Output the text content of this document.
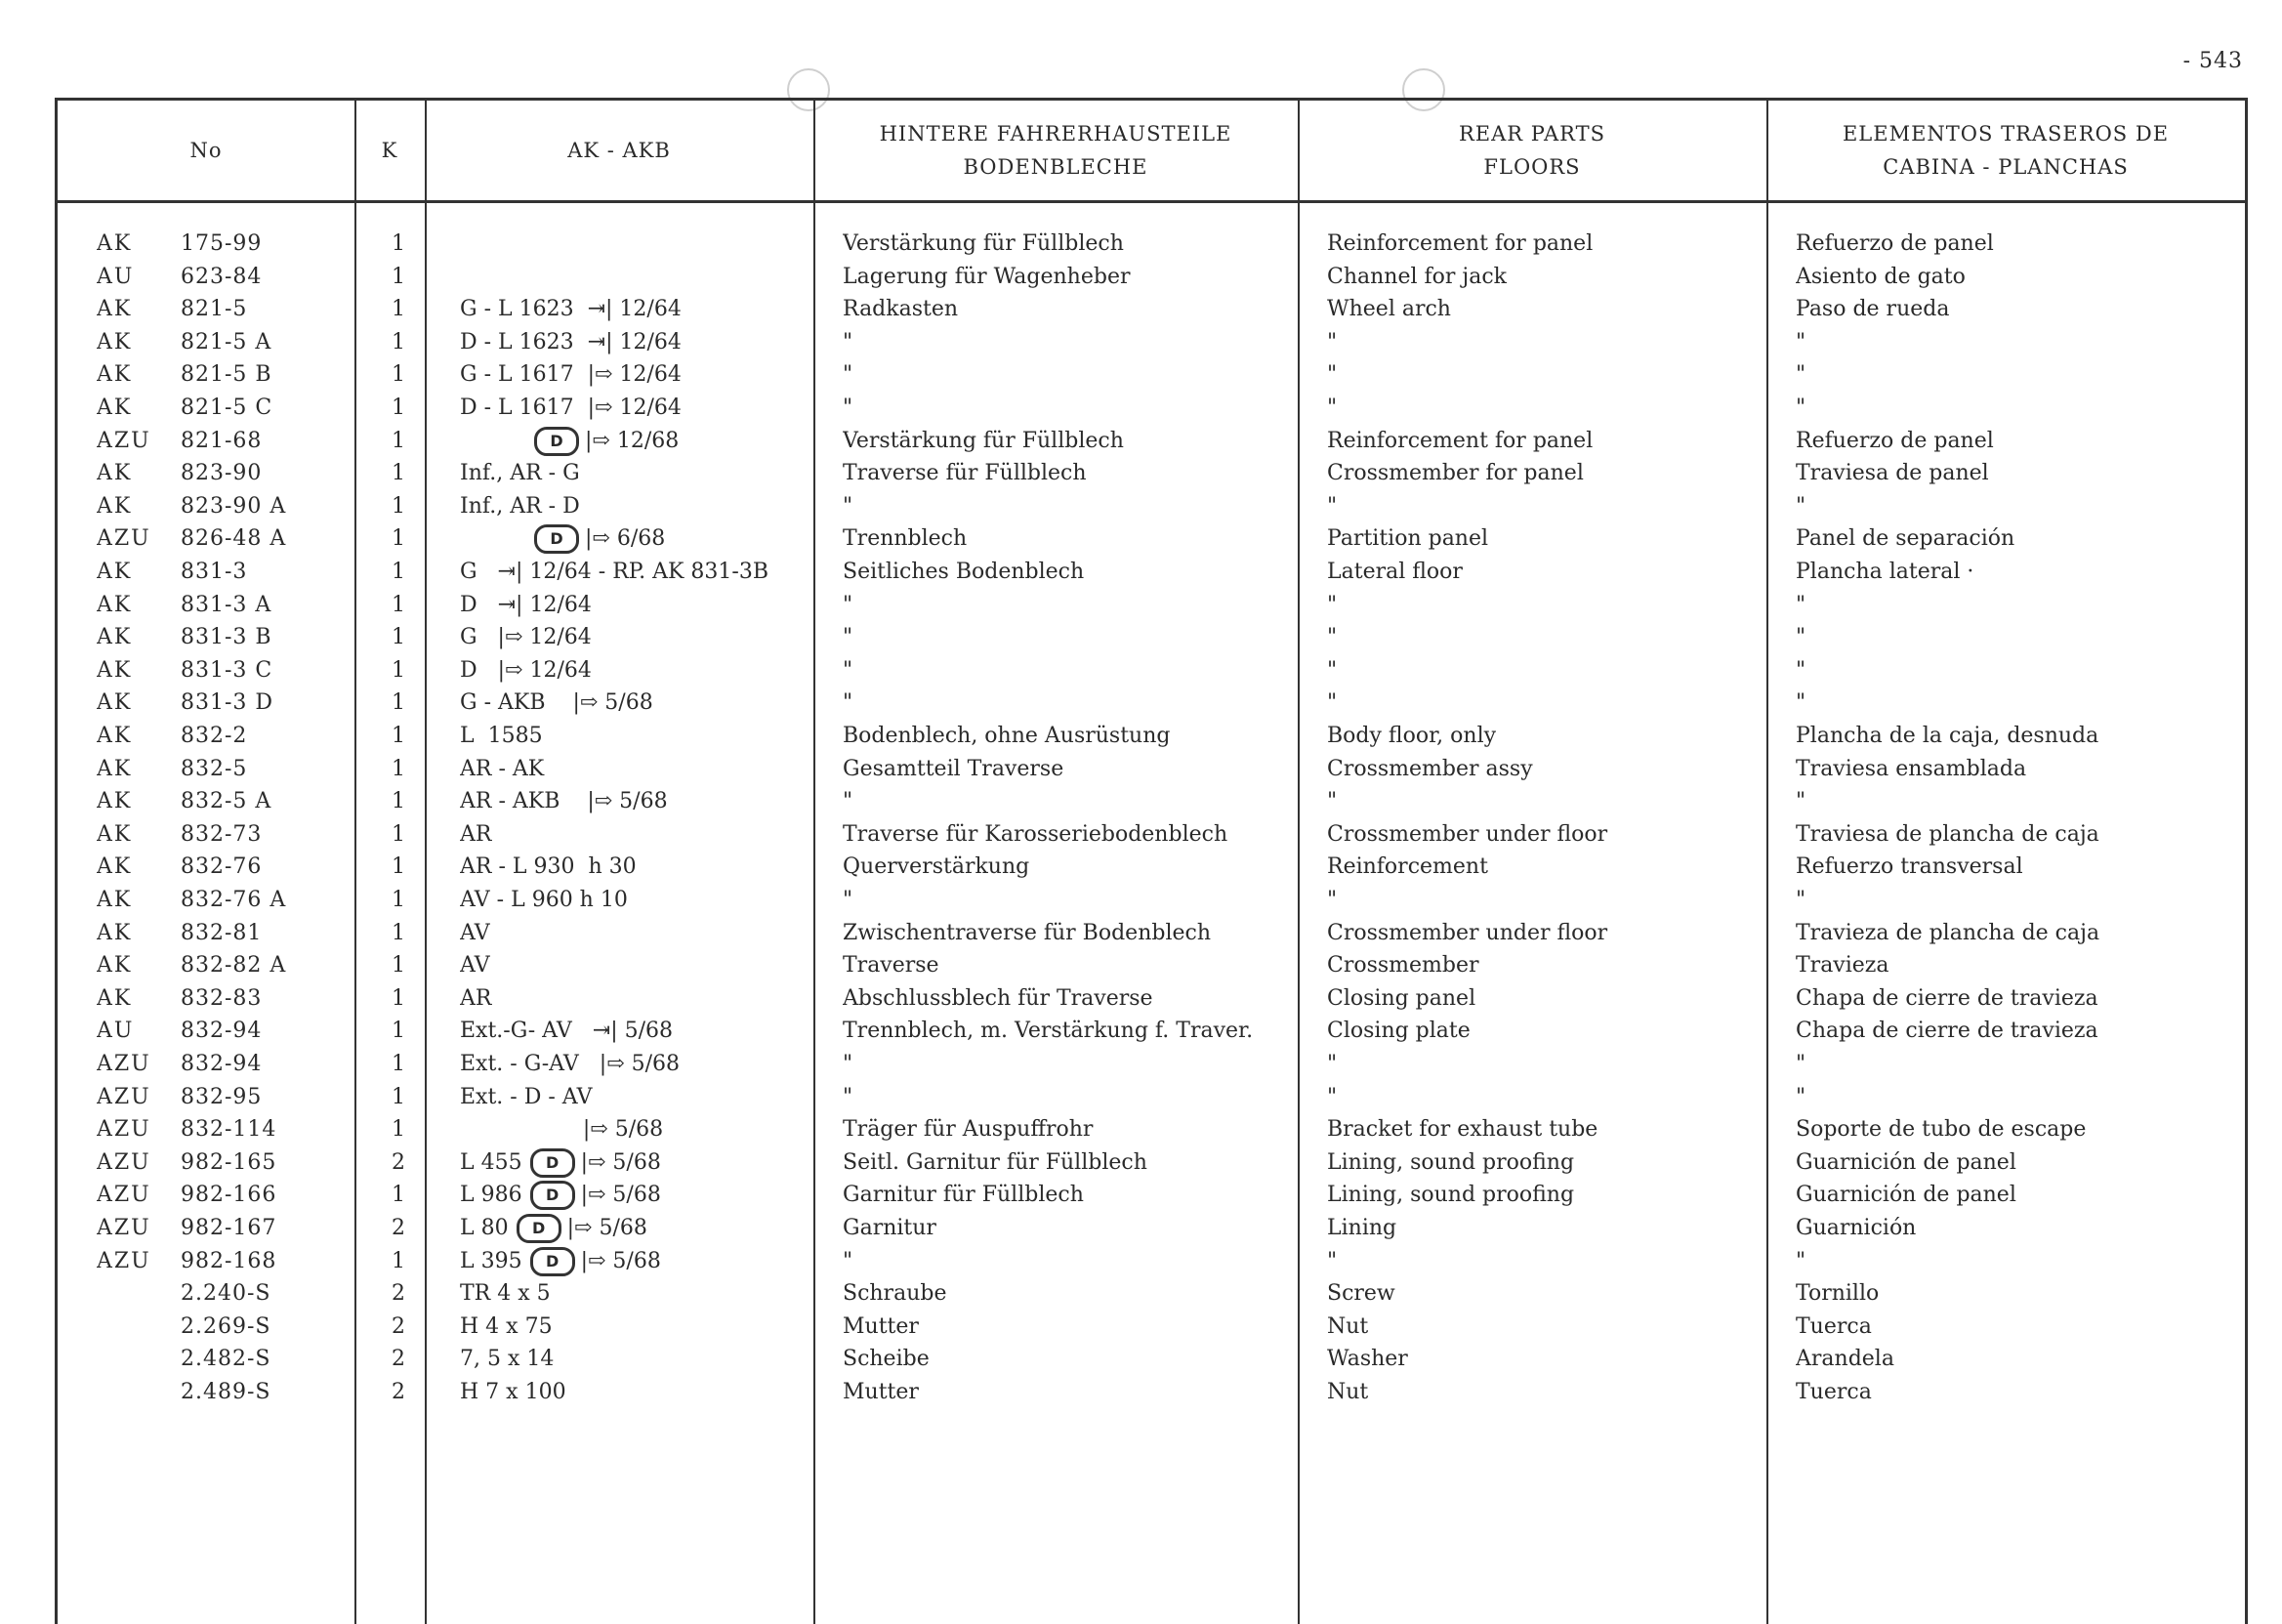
- 543
No	K	AK - AKB
HINTERE FAHRERHAUSTEILE
BODENBLECHE
REAR PARTS
FLOORS
ELEMENTOS TRASEROS DE
CABINA - PLANCHAS
AK	175-99	1	Verstärkung für Füllblech	Reinforcement for panel	Refuerzo de panel
AU	623-84	1	Lagerung für Wagenheber	Channel for jack	Asiento de gato
AK	821-5	1	G - L 1623  ⇥| 12/64	Radkasten	Wheel arch	Paso de rueda
AK	821-5 A	1	D - L 1623  ⇥| 12/64	"	"	"
AK	821-5 B	1	G - L 1617  |⇨ 12/64	"	"	"
AK	821-5 C	1	D - L 1617  |⇨ 12/64	"	"	"
AZU	821-68	1	D |⇨ 12/68	Verstärkung für Füllblech	Reinforcement for panel	Refuerzo de panel
AK	823-90	1	Inf., AR - G	Traverse für Füllblech	Crossmember for panel	Traviesa de panel
AK	823-90 A	1	Inf., AR - D	"	"	"
AZU	826-48 A	1	D |⇨ 6/68	Trennblech	Partition panel	Panel de separación
AK	831-3	1	G   ⇥| 12/64 - RP. AK 831-3B	Seitliches Bodenblech	Lateral floor	Plancha lateral ·
AK	831-3 A	1	D   ⇥| 12/64	"	"	"
AK	831-3 B	1	G   |⇨ 12/64	"	"	"
AK	831-3 C	1	D   |⇨ 12/64	"	"	"
AK	831-3 D	1	G - AKB    |⇨ 5/68	"	"	"
AK	832-2	1	L  1585	Bodenblech, ohne Ausrüstung	Body floor, only	Plancha de la caja, desnuda
AK	832-5	1	AR - AK	Gesamtteil Traverse	Crossmember assy	Traviesa ensamblada
AK	832-5 A	1	AR - AKB    |⇨ 5/68	"	"	"
AK	832-73	1	AR	Traverse für Karosseriebodenblech	Crossmember under floor	Traviesa de plancha de caja
AK	832-76	1	AR - L 930  h 30	Querverstärkung	Reinforcement	Refuerzo transversal
AK	832-76 A	1	AV - L 960 h 10	"	"	"
AK	832-81	1	AV	Zwischentraverse für Bodenblech	Crossmember under floor	Travieza de plancha de caja
AK	832-82 A	1	AV	Traverse	Crossmember	Travieza
AK	832-83	1	AR	Abschlussblech für Traverse	Closing panel	Chapa de cierre de travieza
AU	832-94	1	Ext.-G- AV   ⇥| 5/68	Trennblech, m. Verstärkung f. Traver.	Closing plate	Chapa de cierre de travieza
AZU	832-94	1	Ext. - G-AV   |⇨ 5/68	"	"	"
AZU	832-95	1	Ext. - D - AV	"	"	"
AZU	832-114	1	|⇨ 5/68	Träger für Auspuffrohr	Bracket for exhaust tube	Soporte de tubo de escape
AZU	982-165	2	L 455 D |⇨ 5/68	Seitl. Garnitur für Füllblech	Lining, sound proofing	Guarnición de panel
AZU	982-166	1	L 986 D |⇨ 5/68	Garnitur für Füllblech	Lining, sound proofing	Guarnición de panel
AZU	982-167	2	L 80 D |⇨ 5/68	Garnitur	Lining	Guarnición
AZU	982-168	1	L 395 D |⇨ 5/68	"	"	"
2.240-S	2	TR 4 x 5	Schraube	Screw	Tornillo
2.269-S	2	H 4 x 75	Mutter	Nut	Tuerca
2.482-S	2	7, 5 x 14	Scheibe	Washer	Arandela
2.489-S	2	H 7 x 100	Mutter	Nut	Tuerca
